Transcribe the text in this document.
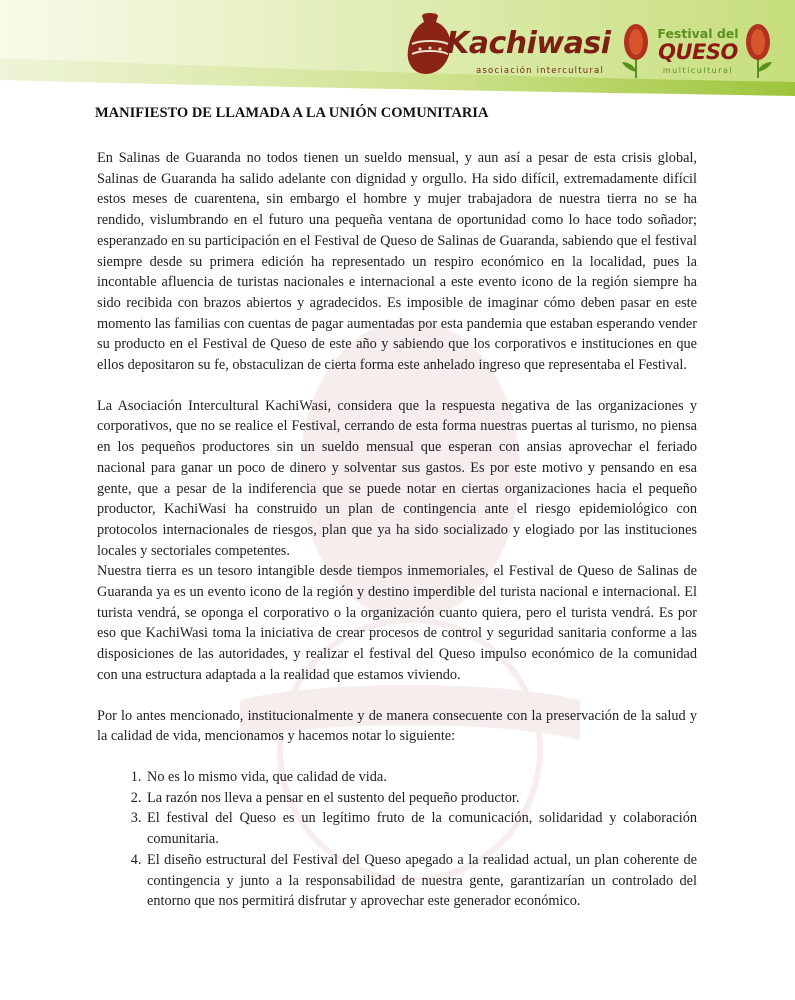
Kachiwasi
asociación intercultural
Festival del
QUESO
multicultural
MANIFIESTO DE LLAMADA A LA UNIÓN COMUNITARIA

En Salinas de Guaranda no todos tienen un sueldo mensual, y aun así a pesar de esta crisis global, Salinas de Guaranda ha salido adelante con dignidad y orgullo. Ha sido difícil, extremadamente difícil estos meses de cuarentena, sin embargo el hombre y mujer trabajadora de nuestra tierra no se ha rendido, vislumbrando en el futuro una pequeña ventana de oportunidad como lo hace todo soñador; esperanzado en su participación en el Festival de Queso de Salinas de Guaranda, sabiendo que el festival siempre desde su primera edición ha representado un respiro económico en la localidad, pues la incontable afluencia de turistas nacionales e internacional a este evento icono de la región siempre ha sido recibida con brazos abiertos y agradecidos. Es imposible de imaginar cómo deben pasar en este momento las familias con cuentas de pagar aumentadas por esta pandemia que estaban esperando vender su producto en el Festival de Queso de este año y sabiendo que los corporativos e instituciones en que ellos depositaron su fe, obstaculizan de cierta forma este anhelado ingreso que representaba el Festival.

La Asociación Intercultural KachiWasi, considera que la respuesta negativa de las organizaciones y corporativos, que no se realice el Festival, cerrando de esta forma nuestras puertas al turismo, no piensa en los pequeños productores sin un sueldo mensual que esperan con ansias aprovechar el feriado nacional para ganar un poco de dinero y solventar sus gastos. Es por este motivo y pensando en esa gente, que a pesar de la indiferencia que se puede notar en ciertas organizaciones hacia el pequeño productor, KachiWasi ha construido un plan de contingencia ante el riesgo epidemiológico con protocolos internacionales de riesgos, plan que ya ha sido socializado y elogiado por las instituciones locales y sectoriales competentes.

Nuestra tierra es un tesoro intangible desde tiempos inmemoriales, el Festival de Queso de Salinas de Guaranda ya es un evento icono de la región y destino imperdible del turista nacional e internacional. El turista vendrá, se oponga el corporativo o la organización cuanto quiera, pero el turista vendrá. Es por eso que KachiWasi toma la iniciativa de crear procesos de control y seguridad sanitaria conforme a las disposiciones de las autoridades, y realizar el festival del Queso impulso económico de la comunidad con una estructura adaptada a la realidad que estamos viviendo.

Por lo antes mencionado, institucionalmente y de manera consecuente con la preservación de la salud y la calidad de vida, mencionamos y hacemos notar lo siguiente:

1. No es lo mismo vida, que calidad de vida.
2. La razón nos lleva a pensar en el sustento del pequeño productor.
3. El festival del Queso es un legítimo fruto de la comunicación, solidaridad y colaboración comunitaria.
4. El diseño estructural del Festival del Queso apegado a la realidad actual, un plan coherente de contingencia y junto a la responsabilidad de nuestra gente, garantizarían un controlado del entorno que nos permitirá disfrutar y aprovechar este generador económico.
